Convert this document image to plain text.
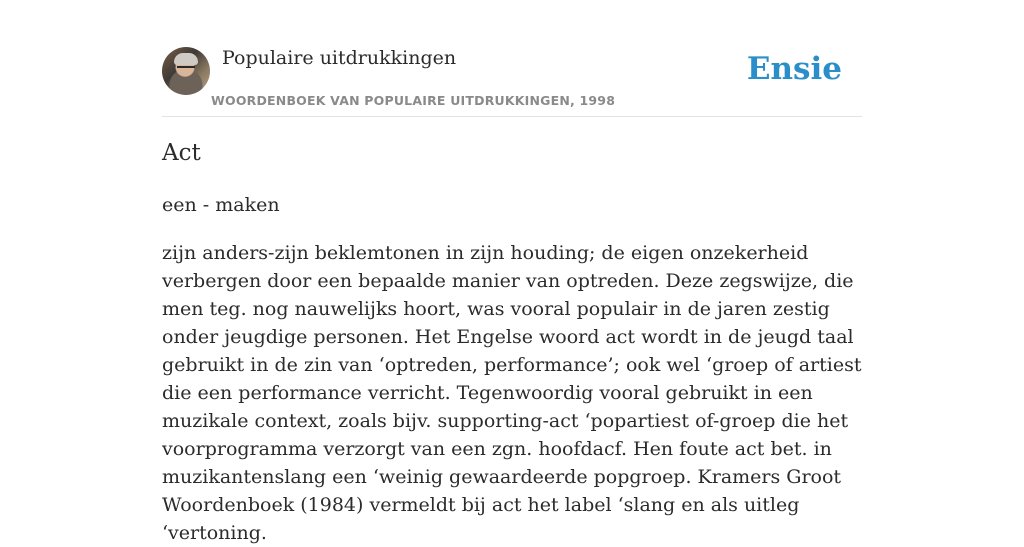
Populaire uitdrukkingen
WOORDENBOEK VAN POPULAIRE UITDRUKKINGEN, 1998
Ensie
Act

een - maken

zijn anders-zijn beklemtonen in zijn houding; de eigen onzekerheid verbergen door een bepaalde manier van optreden. Deze zegswijze, die men teg. nog nauwelijks hoort, was vooral populair in de jaren zestig onder jeugdige personen. Het Engelse woord act wordt in de jeugd taal gebruikt in de zin van ‘optreden, performance’; ook wel ‘groep of artiest die een performance verricht. Tegenwoordig vooral gebruikt in een muzikale context, zoals bijv. supporting-act ‘popartiest of-groep die het voorprogramma verzorgt van een zgn. hoofdacf. Hen foute act bet. in muzikantenslang een ‘weinig gewaardeerde popgroep. Kramers Groot Woordenboek (1984) vermeldt bij act het label ‘slang en als uitleg ‘vertoning.
